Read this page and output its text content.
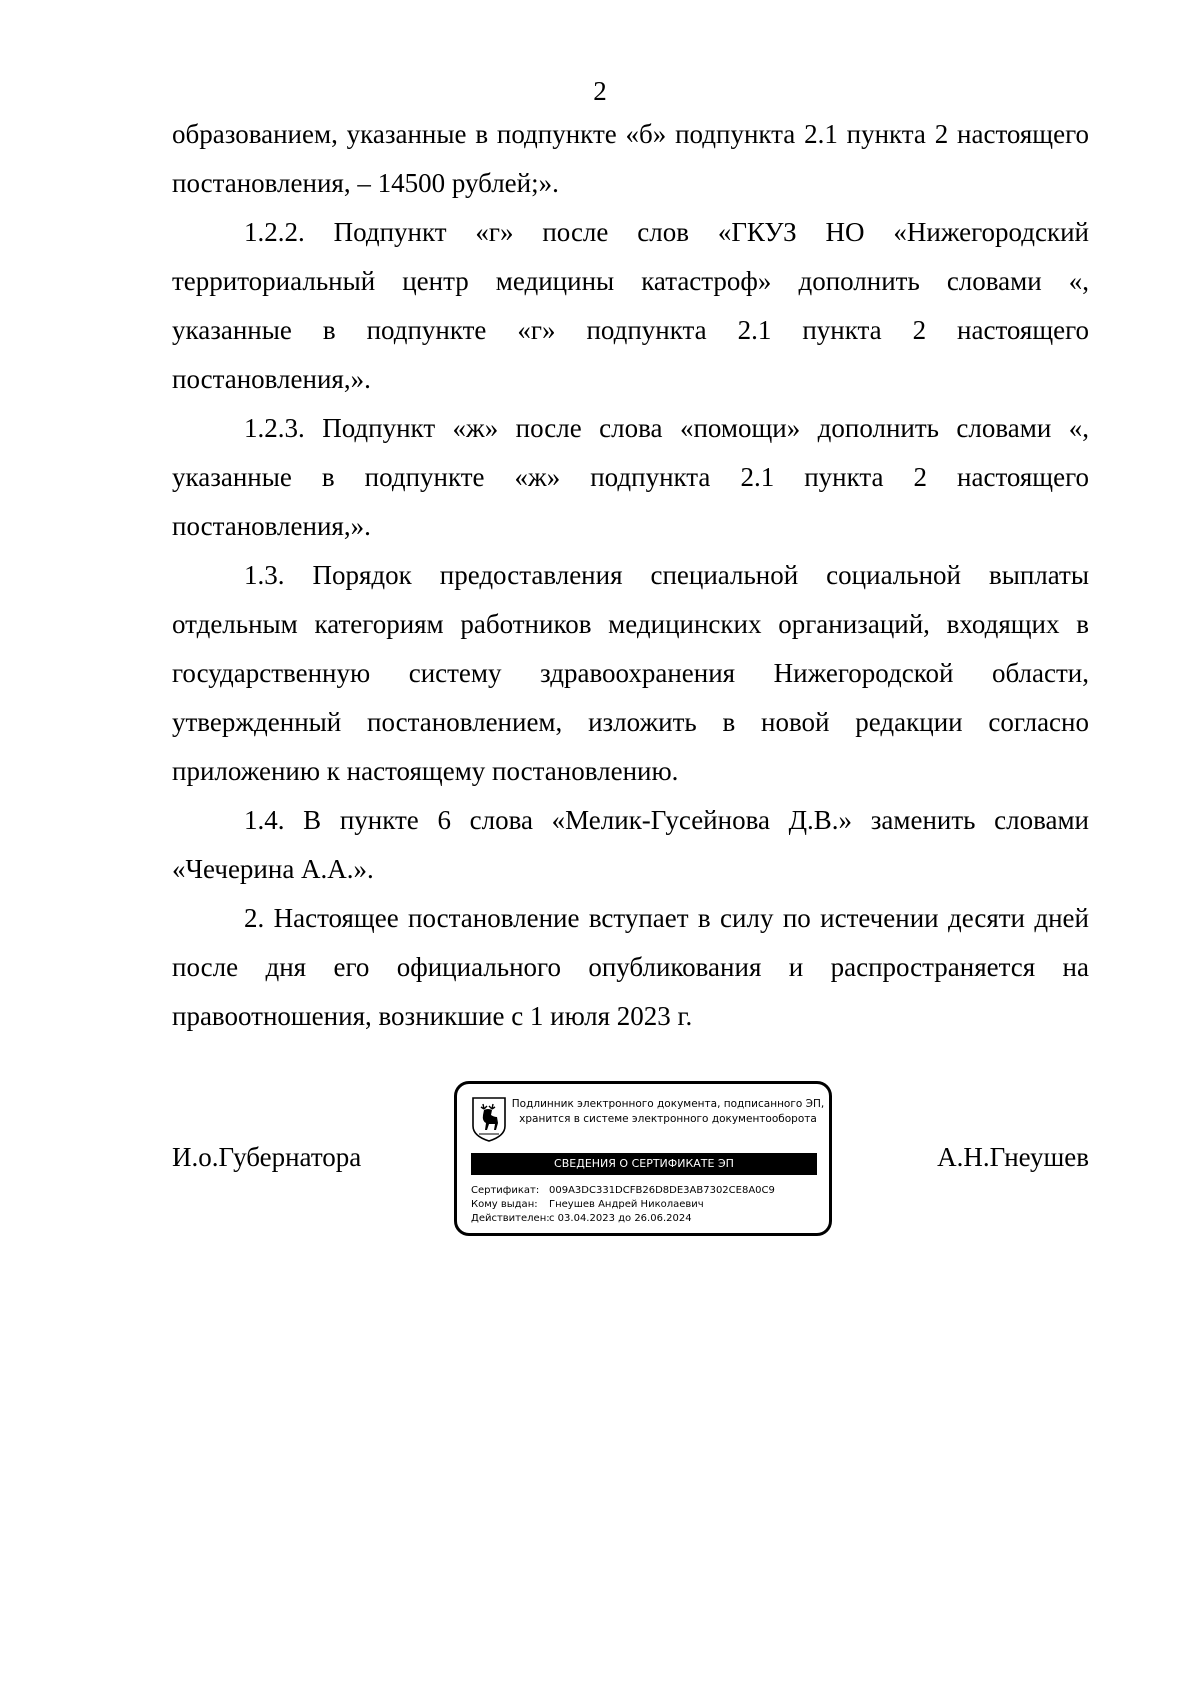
2

образованием, указанные в подпункте «б» подпункта 2.1 пункта 2 настоящего постановления, – 14500 рублей;».

1.2.2. Подпункт «г» после слов «ГКУЗ НО «Нижегородский территориальный центр медицины катастроф» дополнить словами «, указанные в подпункте «г» подпункта 2.1 пункта 2 настоящего постановления,».

1.2.3. Подпункт «ж» после слова «помощи» дополнить словами «, указанные в подпункте «ж» подпункта 2.1 пункта 2 настоящего постановления,».

1.3. Порядок предоставления специальной социальной выплаты отдельным категориям работников медицинских организаций, входящих в государственную систему здравоохранения Нижегородской области, утвержденный постановлением, изложить в новой редакции согласно приложению к настоящему постановлению.

1.4. В пункте 6 слова «Мелик-Гусейнова Д.В.» заменить словами «Чечерина А.А.».

2. Настоящее постановление вступает в силу по истечении десяти дней после дня его официального опубликования и распространяется на правоотношения, возникшие с 1 июля 2023 г.

И.о.Губернатора	А.Н.Гнеушев
Подлинник электронного документа, подписанного ЭП,
хранится в системе электронного документооборота
СВЕДЕНИЯ О СЕРТИФИКАТЕ ЭП
Сертификат: 009A3DC331DCFB26D8DE3AB7302CE8A0C9
Кому выдан:	Гнеушев Андрей Николаевич
Действителен: с 03.04.2023 до 26.06.2024
